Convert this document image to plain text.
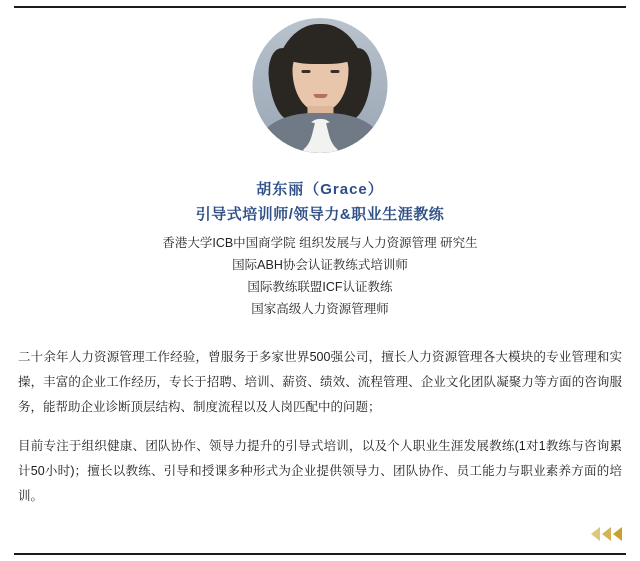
胡东丽（Grace）
引导式培训师/领导力&职业生涯教练
香港大学ICB中国商学院 组织发展与人力资源管理 研究生
国际ABH协会认证教练式培训师
国际教练联盟ICF认证教练
国家高级人力资源管理师

二十余年人力资源管理工作经验，曾服务于多家世界500强公司，擅长人力资源管理各大模块的专业管理和实操，丰富的企业工作经历，专长于招聘、培训、薪资、绩效、流程管理、企业文化团队凝聚力等方面的咨询服务，能帮助企业诊断顶层结构、制度流程以及人岗匹配中的问题；

目前专注于组织健康、团队协作、领导力提升的引导式培训，以及个人职业生涯发展教练(1对1教练与咨询累计50小时)；擅长以教练、引导和授课多种形式为企业提供领导力、团队协作、员工能力与职业素养方面的培训。
